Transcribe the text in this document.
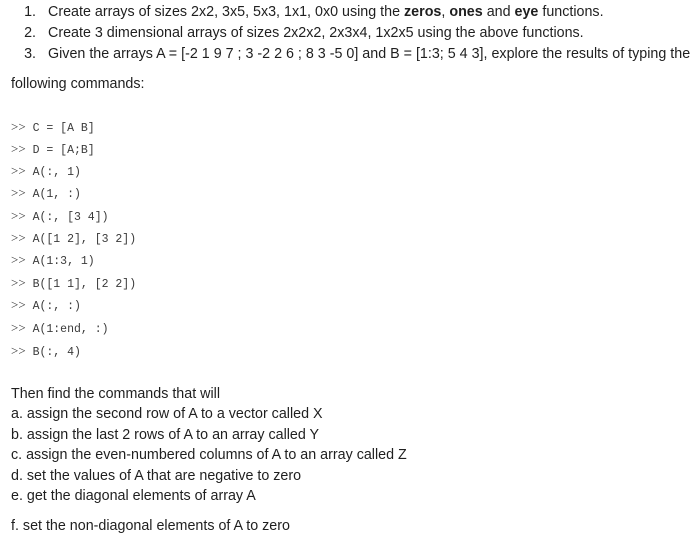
1. Create arrays of sizes 2x2, 3x5, 5x3, 1x1, 0x0 using the zeros, ones and eye functions.
2. Create 3 dimensional arrays of sizes 2x2x2, 2x3x4, 1x2x5 using the above functions.
3. Given the arrays A = [-2 1 9 7 ; 3 -2 2 6 ; 8 3 -5 0] and B = [1:3; 5 4 3], explore the results of typing the
following commands:
>> C = [A B]
>> D = [A;B]
>> A(:, 1)
>> A(1, :)
>> A(:, [3 4])
>> A([1 2], [3 2])
>> A(1:3, 1)
>> B([1 1], [2 2])
>> A(:, :)
>> A(1:end, :)
>> B(:, 4)
Then find the commands that will
a. assign the second row of A to a vector called X
b. assign the last 2 rows of A to an array called Y
c. assign the even-numbered columns of A to an array called Z
d. set the values of A that are negative to zero
e. get the diagonal elements of array A
f. set the non-diagonal elements of A to zero
